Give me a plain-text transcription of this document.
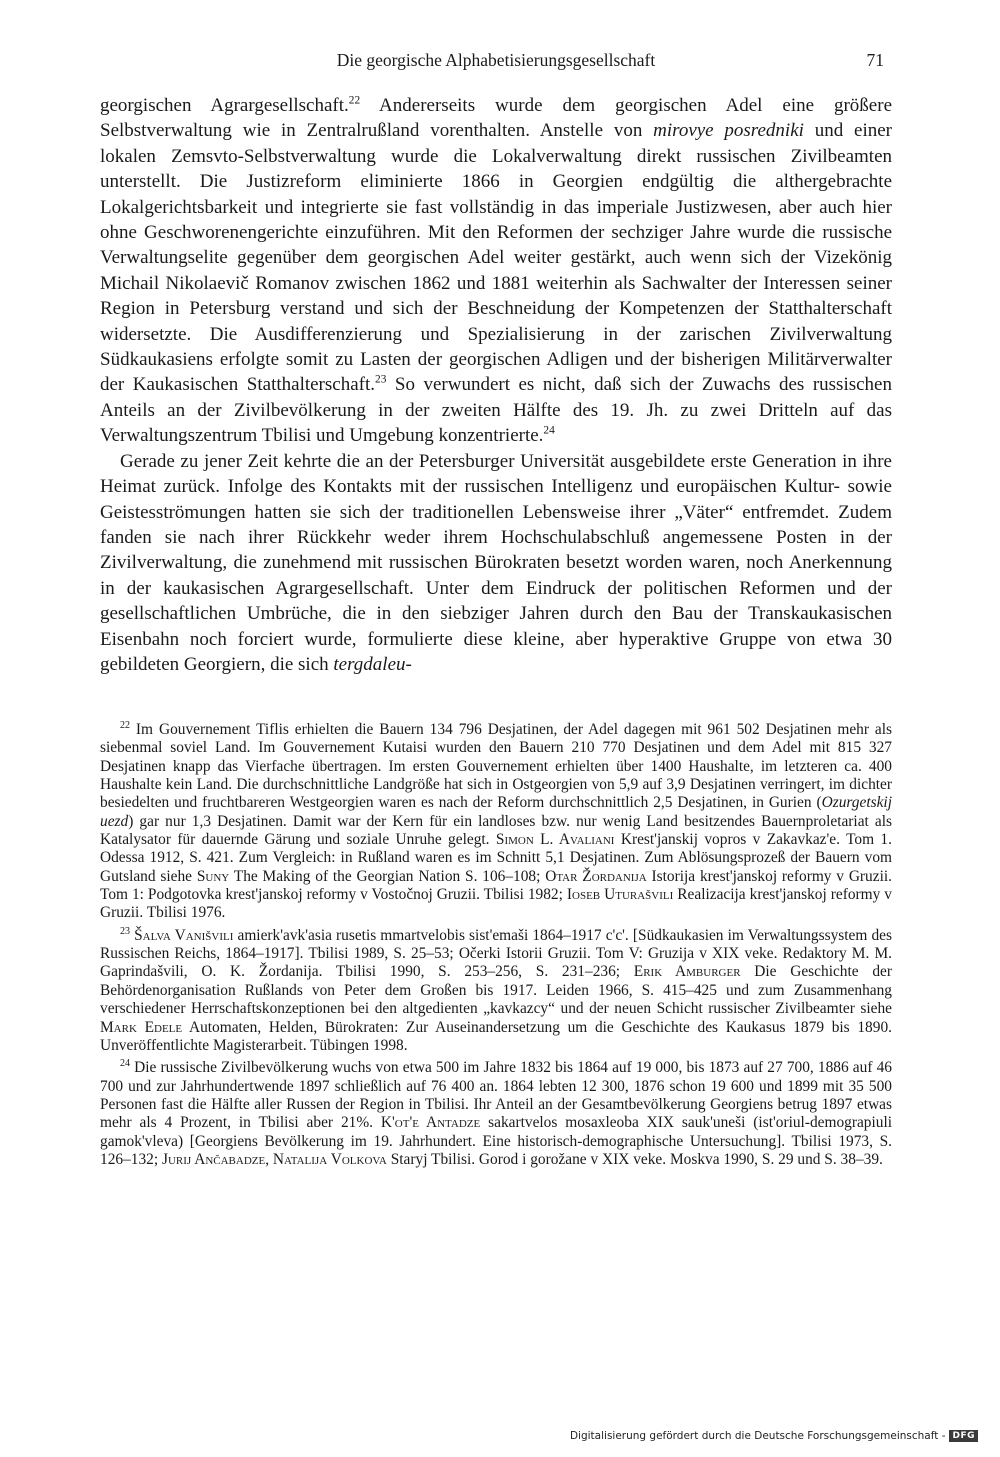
Die georgische Alphabetisierungsgesellschaft	71

georgischen Agrargesellschaft.$^{22}$ Andererseits wurde dem georgischen Adel eine größere Selbstverwaltung wie in Zentralrußland vorenthalten. Anstelle von mirovye posredniki und einer lokalen Zemsvto-Selbstverwaltung wurde die Lokalverwaltung direkt russischen Zivilbeamten unterstellt. Die Justizreform eliminierte 1866 in Georgien endgültig die althergebrachte Lokalgerichtsbarkeit und integrierte sie fast vollständig in das imperiale Justizwesen, aber auch hier ohne Geschworenengerichte einzuführen. Mit den Reformen der sechziger Jahre wurde die russische Verwaltungselite gegenüber dem georgischen Adel weiter gestärkt, auch wenn sich der Vizekönig Michail Nikolaevič Romanov zwischen 1862 und 1881 weiterhin als Sachwalter der Interessen seiner Region in Petersburg verstand und sich der Beschneidung der Kompetenzen der Statthalterschaft widersetzte. Die Ausdifferenzierung und Spezialisierung in der zarischen Zivilverwaltung Südkaukasiens erfolgte somit zu Lasten der georgischen Adligen und der bisherigen Militärverwalter der Kaukasischen Statthalterschaft.$^{23}$ So verwundert es nicht, daß sich der Zuwachs des russischen Anteils an der Zivilbevölkerung in der zweiten Hälfte des 19. Jh. zu zwei Dritteln auf das Verwaltungszentrum Tbilisi und Umgebung konzentrierte.$^{24}$

Gerade zu jener Zeit kehrte die an der Petersburger Universität ausgebildete erste Generation in ihre Heimat zurück. Infolge des Kontakts mit der russischen Intelligenz und europäischen Kultur- sowie Geistesströmungen hatten sie sich der traditionellen Lebensweise ihrer „Väter“ entfremdet. Zudem fanden sie nach ihrer Rückkehr weder ihrem Hochschulabschluß angemessene Posten in der Zivilverwaltung, die zunehmend mit russischen Bürokraten besetzt worden waren, noch Anerkennung in der kaukasischen Agrargesellschaft. Unter dem Eindruck der politischen Reformen und der gesellschaftlichen Umbrüche, die in den siebziger Jahren durch den Bau der Transkaukasischen Eisenbahn noch forciert wurde, formulierte diese kleine, aber hyperaktive Gruppe von etwa 30 gebildeten Georgiern, die sich tergdaleu-

$^{22}$ Im Gouvernement Tiflis erhielten die Bauern 134 796 Desjatinen, der Adel dagegen mit 961 502 Desjatinen mehr als siebenmal soviel Land. Im Gouvernement Kutaisi wurden den Bauern 210 770 Desjatinen und dem Adel mit 815 327 Desjatinen knapp das Vierfache übertragen. Im ersten Gouvernement erhielten über 1400 Haushalte, im letzteren ca. 400 Haushalte kein Land. Die durchschnittliche Landgröße hat sich in Ostgeorgien von 5,9 auf 3,9 Desjatinen verringert, im dichter besiedelten und fruchtbareren Westgeorgien waren es nach der Reform durchschnittlich 2,5 Desjatinen, in Gurien (Ozurgetskij uezd) gar nur 1,3 Desjatinen. Damit war der Kern für ein landloses bzw. nur wenig Land besitzendes Bauernproletariat als Katalysator für dauernde Gärung und soziale Unruhe gelegt. Simon L. Avaliani Krest'janskij vopros v Zakavkaz'e. Tom 1. Odessa 1912, S. 421. Zum Vergleich: in Rußland waren es im Schnitt 5,1 Desjatinen. Zum Ablösungsprozeß der Bauern vom Gutsland siehe Suny The Making of the Georgian Nation S. 106–108; Otar Žordanija Istorija krest'janskoj reformy v Gruzii. Tom 1: Podgotovka krest'janskoj reformy v Vostočnoj Gruzii. Tbilisi 1982; Ioseb Uturašvili Realizacija krest'janskoj reformy v Gruzii. Tbilisi 1976.

$^{23}$ Šalva Vanišvili amierk'avk'asia rusetis mmartvelobis sist'emaši 1864–1917 c'c'. [Südkaukasien im Verwaltungssystem des Russischen Reichs, 1864–1917]. Tbilisi 1989, S. 25–53; Očerki Istorii Gruzii. Tom V: Gruzija v XIX veke. Redaktory M. M. Gaprindašvili, O. K. Žordanija. Tbilisi 1990, S. 253–256, S. 231–236; Erik Amburger Die Geschichte der Behördenorganisation Rußlands von Peter dem Großen bis 1917. Leiden 1966, S. 415–425 und zum Zusammenhang verschiedener Herrschaftskonzeptionen bei den altgedienten „kavkazcy“ und der neuen Schicht russischer Zivilbeamter siehe Mark Edele Automaten, Helden, Bürokraten: Zur Auseinandersetzung um die Geschichte des Kaukasus 1879 bis 1890. Unveröffentlichte Magisterarbeit. Tübingen 1998.

$^{24}$ Die russische Zivilbevölkerung wuchs von etwa 500 im Jahre 1832 bis 1864 auf 19 000, bis 1873 auf 27 700, 1886 auf 46 700 und zur Jahrhundertwende 1897 schließlich auf 76 400 an. 1864 lebten 12 300, 1876 schon 19 600 und 1899 mit 35 500 Personen fast die Hälfte aller Russen der Region in Tbilisi. Ihr Anteil an der Gesamtbevölkerung Georgiens betrug 1897 etwas mehr als 4 Prozent, in Tbilisi aber 21%. K'ot'e Antadze sakartvelos mosaxleoba XIX sauk'uneši (ist'oriul-demograpiuli gamok'vleva) [Georgiens Bevölkerung im 19. Jahrhundert. Eine historisch-demographische Untersuchung]. Tbilisi 1973, S. 126–132; Jurij Ančabadze, Natalija Volkova Staryj Tbilisi. Gorod i gorožane v XIX veke. Moskva 1990, S. 29 und S. 38–39.

Digitalisierung gefördert durch die Deutsche Forschungsgemeinschaft - DFG
